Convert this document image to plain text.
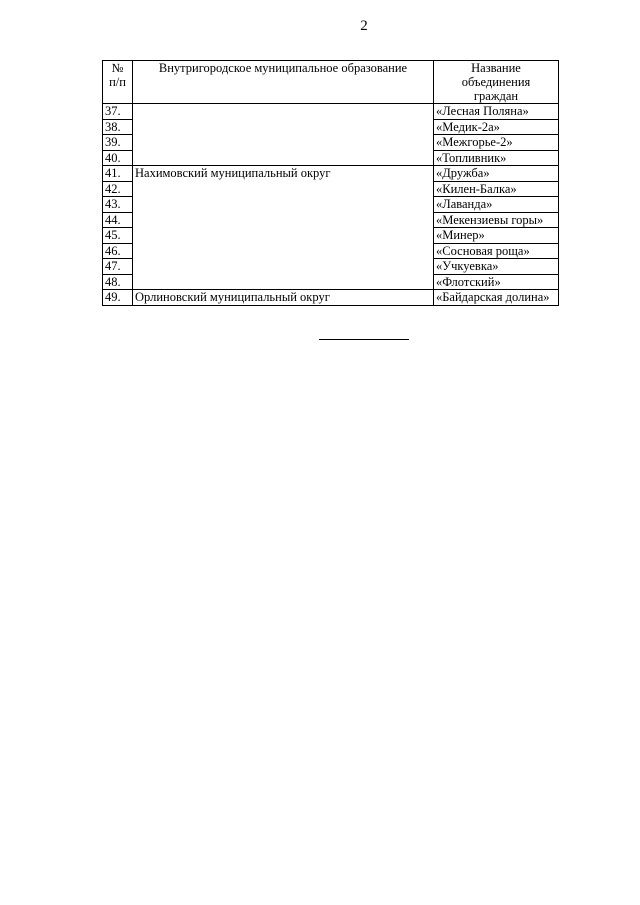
2
№
п/п	Внутригородское муниципальное образование	Название объединения
граждан
37.		«Лесная Поляна»
38.		«Медик-2а»
39.		«Межгорье-2»
40.		«Топливник»
41.	Нахимовский муниципальный округ	«Дружба»
42.		«Килен-Балка»
43.		«Лаванда»
44.		«Мекензиевы горы»
45.		«Минер»
46.		«Сосновая роща»
47.		«Учкуевка»
48.		«Флотский»
49.	Орлиновский муниципальный округ	«Байдарская долина»
